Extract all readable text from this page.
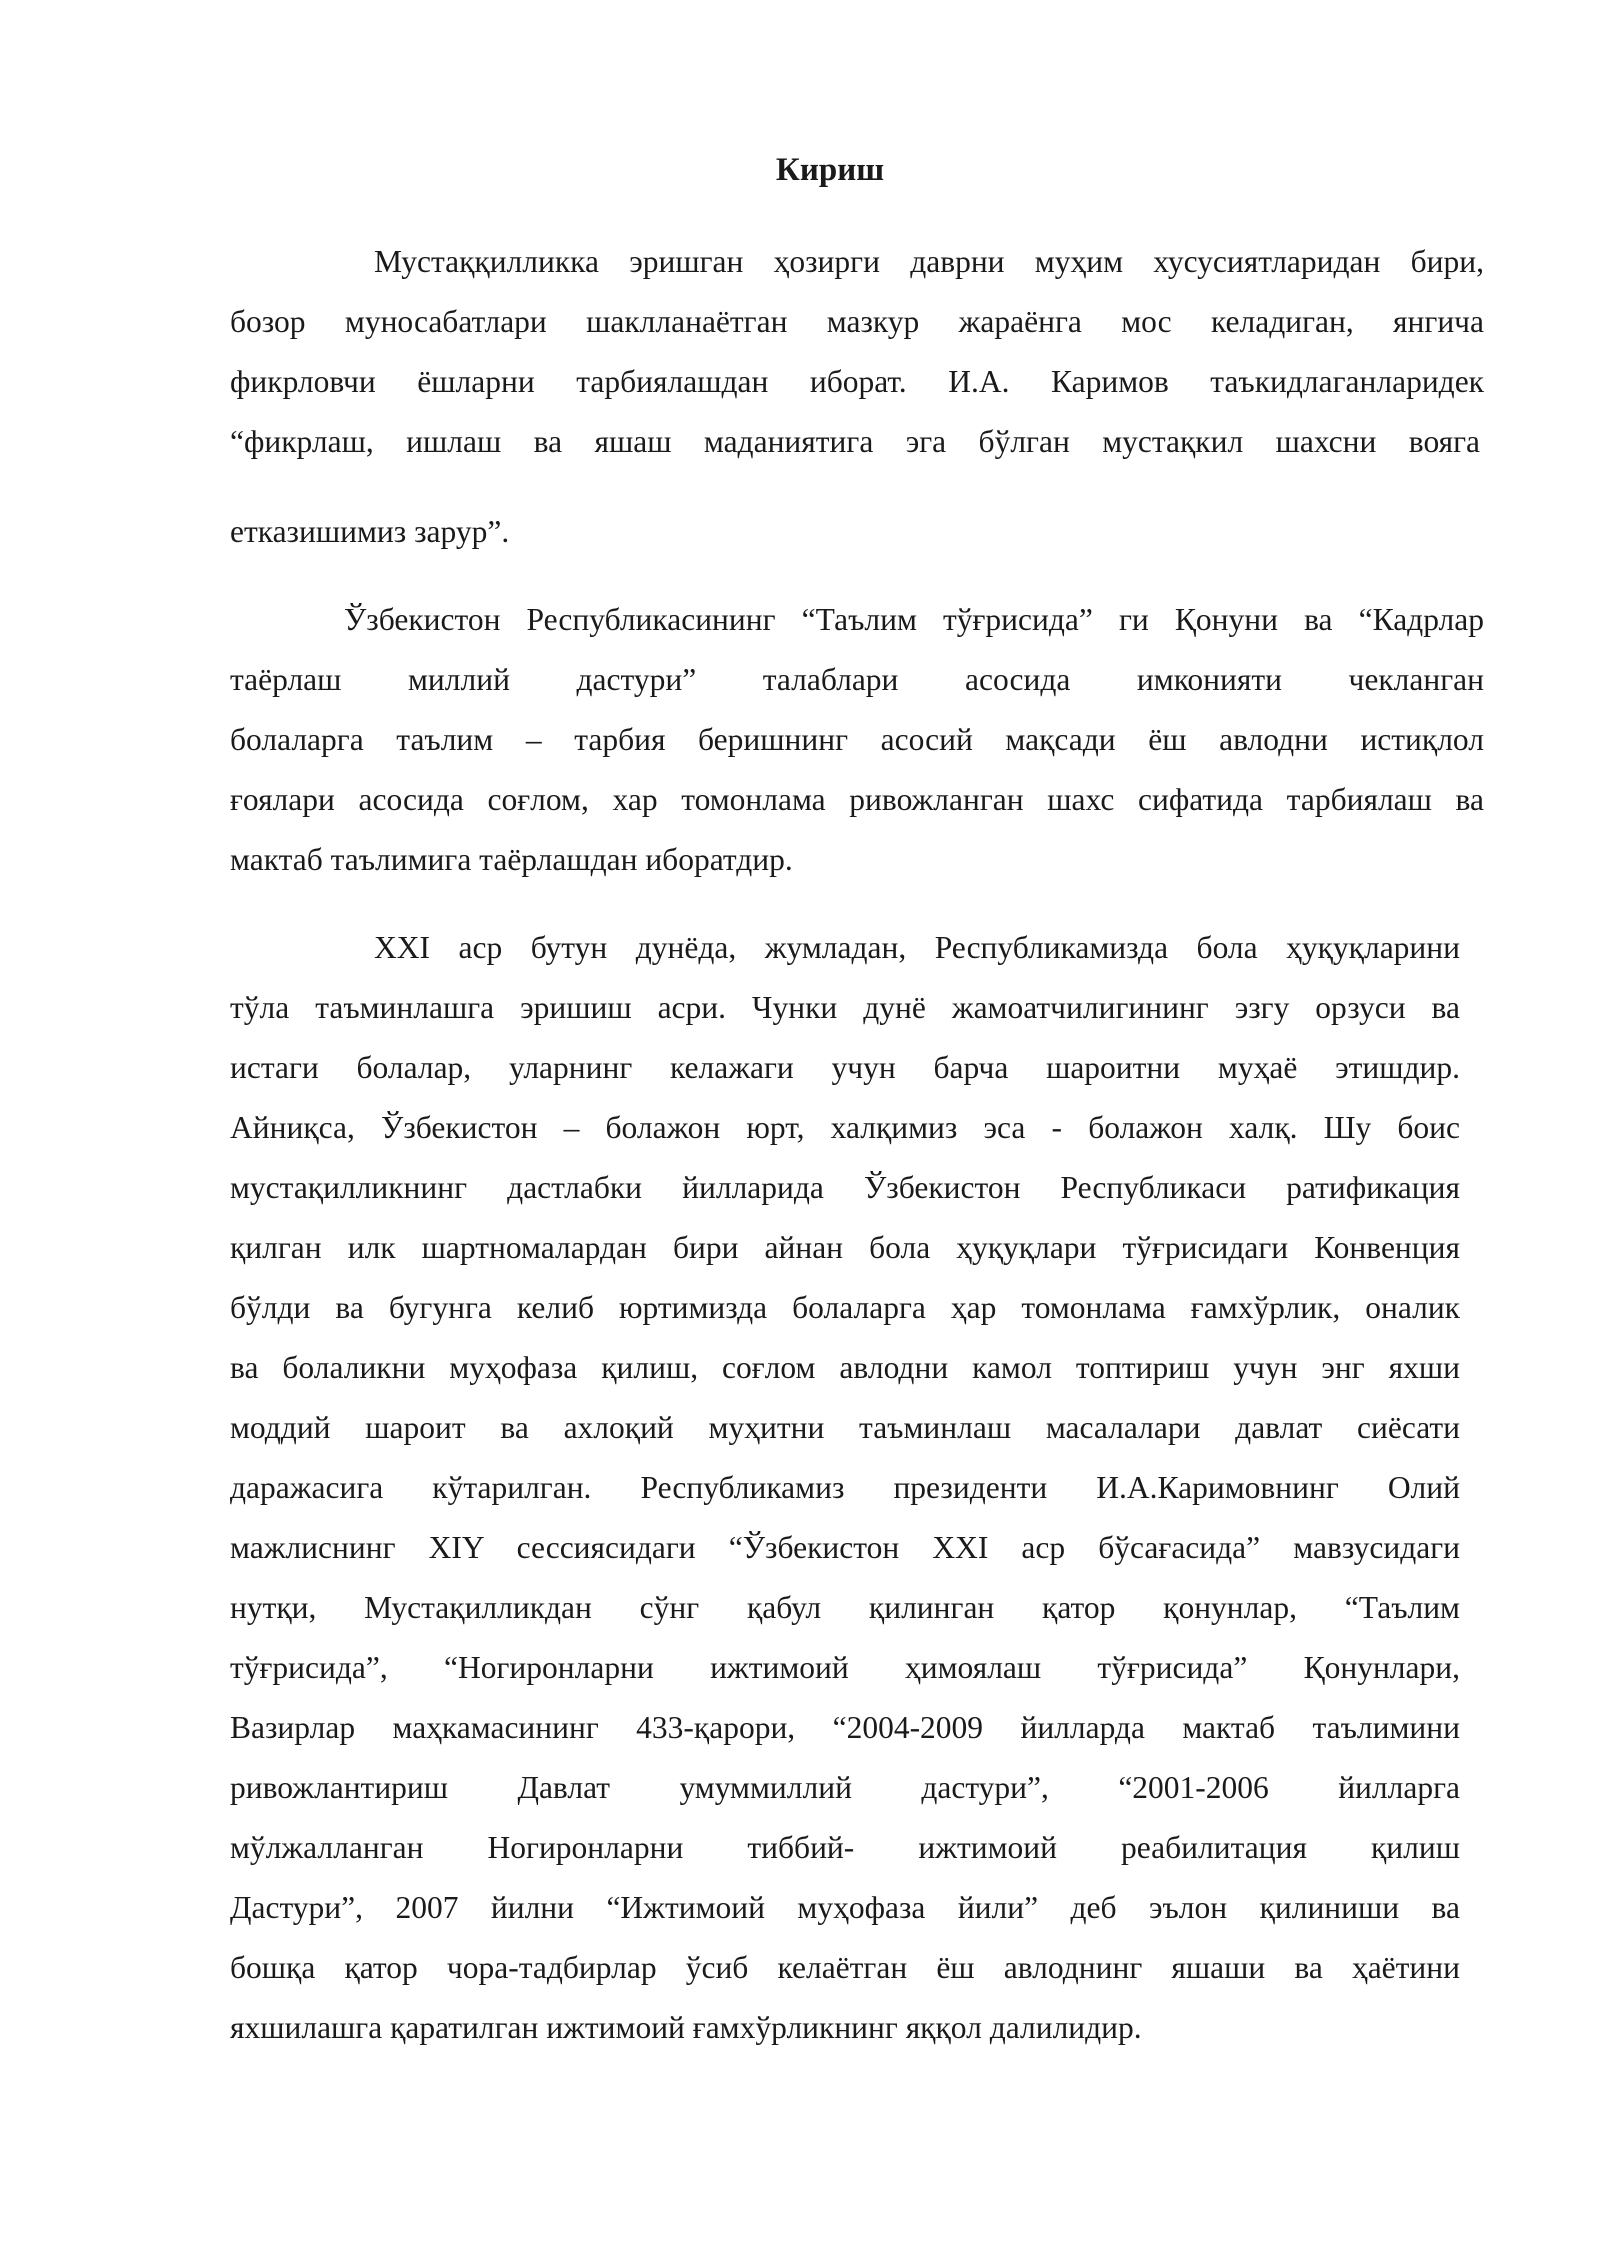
Кириш
Мустаққилликка эришган ҳозирги даврни муҳим хусусиятларидан бири,
бозор муносабатлари шаклланаётган мазкур жараёнга мос келадиган, янгича
фикрловчи ёшларни тарбиялашдан иборат. И.А. Каримов таъкидлаганларидек
“фикрлаш, ишлаш ва яшаш маданиятига эга бўлган мустақкил шахсни вояга
етказишимиз зарур”.
Ўзбекистон Республикасининг “Таълим тўғрисида” ги Қонуни ва “Кадрлар
таёрлаш миллий дастури” талаблари асосида имконияти чекланган
болаларга таълим – тарбия беришнинг асосий мақсади ёш авлодни истиқлол
ғоялари асосида соғлом, хар томонлама ривожланган шахс сифатида тарбиялаш ва
мактаб таълимига таёрлашдан иборатдир.
XXI аср бутун дунёда, жумладан, Республикамизда бола ҳуқуқларини
тўла таъминлашга эришиш асри. Чунки дунё жамоатчилигининг эзгу орзуси ва
истаги болалар, уларнинг келажаги учун барча шароитни муҳаё этишдир.
Айниқса, Ўзбекистон – болажон юрт, халқимиз эса - болажон халқ. Шу боис
мустақилликнинг дастлабки йилларида Ўзбекистон Республикаси ратификация
қилган илк шартномалардан бири айнан бола ҳуқуқлари тўғрисидаги Конвенция
бўлди ва бугунга келиб юртимизда болаларга ҳар томонлама ғамхўрлик, оналик
ва болаликни муҳофаза қилиш, соғлом авлодни камол топтириш учун энг яхши
моддий шароит ва ахлоқий муҳитни таъминлаш масалалари давлат сиёсати
даражасига кўтарилган. Республикамиз президенти И.А.Каримовнинг Олий
мажлиснинг XIY сессиясидаги “Ўзбекистон XXI аср бўсағасида” мавзусидаги
нутқи, Мустақилликдан сўнг қабул қилинган қатор қонунлар, “Таълим
тўғрисида”, “Ногиронларни ижтимоий ҳимоялаш тўғрисида” Қонунлари,
Вазирлар маҳкамасининг 433-қарори, “2004-2009 йилларда мактаб таълимини
ривожлантириш Давлат умуммиллий дастури”, “2001-2006 йилларга
мўлжалланган Ногиронларни тиббий- ижтимоий реабилитация қилиш
Дастури”, 2007 йилни “Ижтимоий муҳофаза йили” деб эълон қилиниши ва
бошқа қатор чора-тадбирлар ўсиб келаётган ёш авлоднинг яшаши ва ҳаётини
яхшилашга қаратилган ижтимоий ғамхўрликнинг яққол далилидир.
